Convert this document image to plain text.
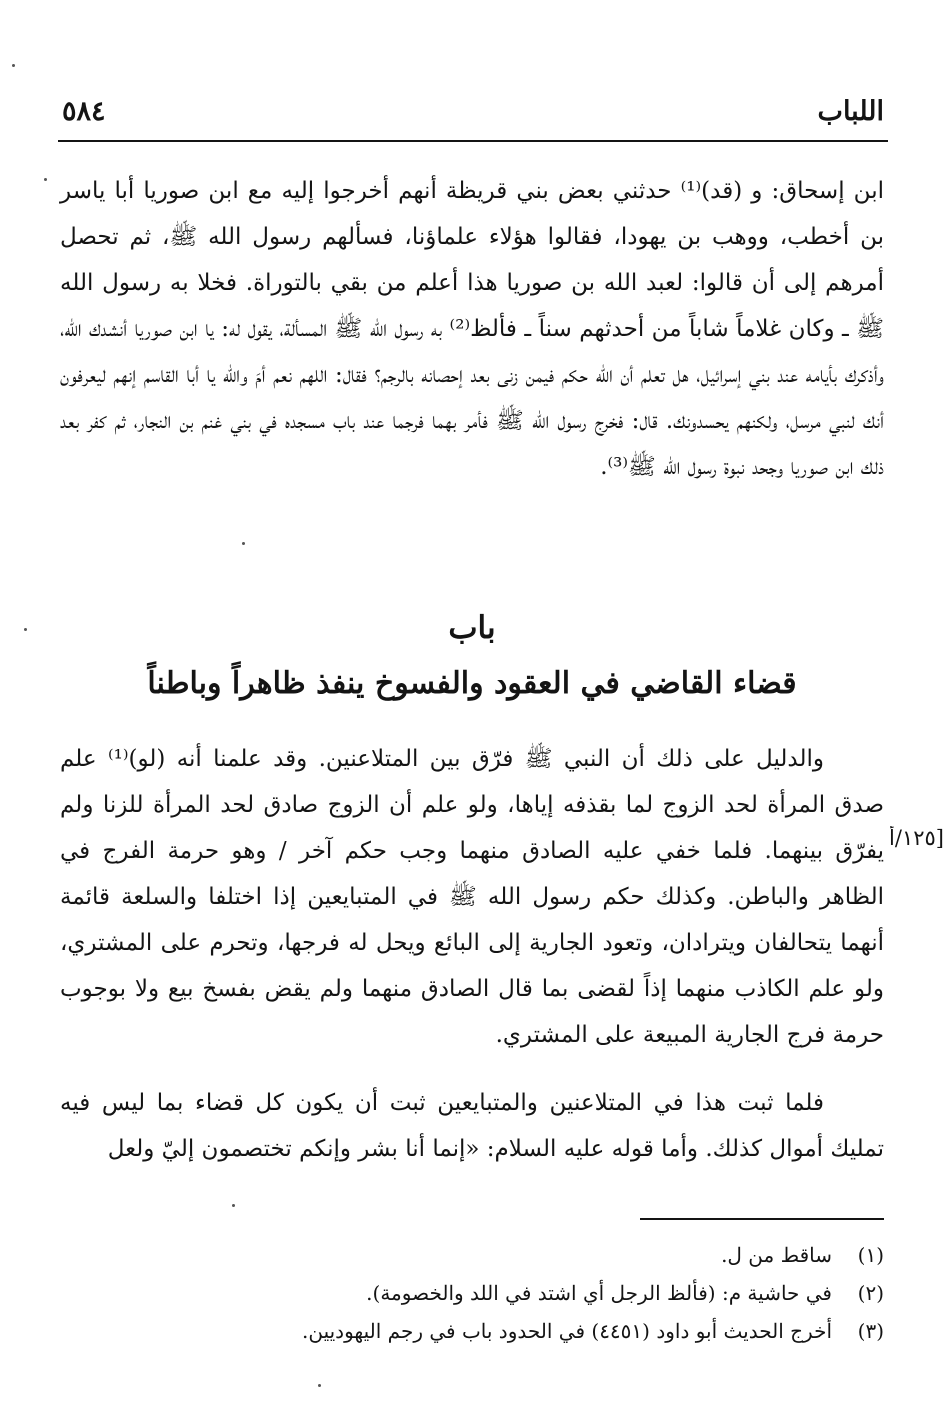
اللباب
٥٨٤

ابن إسحاق: و (قد)⁽¹⁾ حدثني بعض بني قريظة أنهم أخرجوا إليه مع ابن صوريا أبا ياسر بن أخطب، ووهب بن يهودا، فقالوا هؤلاء علماؤنا، فسألهم رسول الله ﷺ، ثم تحصل أمرهم إلى أن قالوا: لعبد الله بن صوريا هذا أعلم من بقي بالتوراة. فخلا به رسول الله ﷺ ـ وكان غلاماً شاباً من أحدثهم سناً ـ فألظ⁽²⁾ به رسول الله ﷺ المسألة، يقول له: يا ابن صوريا أنشدك الله، وأذكرك بأيامه عند بني إسرائيل، هل تعلم أن الله حكم فيمن زنى بعد إحصانه بالرجم؟ فقال: اللهم نعم أمَ والله يا أبا القاسم إنهم ليعرفون أنك لنبي مرسل، ولكنهم يحسدونك. قال: فخرج رسول الله ﷺ فأمر بهما فرجما عند باب مسجده في بني غنم بن النجار، ثم كفر بعد ذلك ابن صوريا وجحد نبوة رسول الله ﷺ⁽³⁾.

باب
قضاء القاضي في العقود والفسوخ ينفذ ظاهراً وباطناً

والدليل على ذلك أن النبي ﷺ فرّق بين المتلاعنين. وقد علمنا أنه (لو)⁽¹⁾ علم صدق المرأة لحد الزوج لما بقذفه إياها، ولو علم أن الزوج صادق لحد المرأة للزنا ولم يفرّق بينهما. فلما خفي عليه الصادق منهما وجب حكم آخر / وهو حرمة الفرج في الظاهر والباطن. وكذلك حكم رسول الله ﷺ في المتبايعين إذا اختلفا والسلعة قائمة أنهما يتحالفان ويترادان، وتعود الجارية إلى البائع ويحل له فرجها، وتحرم على المشتري، ولو علم الكاذب منهما إذاً لقضى بما قال الصادق منهما ولم يقض بفسخ بيع ولا بوجوب حرمة فرج الجارية المبيعة على المشتري.

١٢٥/أ]

فلما ثبت هذا في المتلاعنين والمتبايعين ثبت أن يكون كل قضاء بما ليس فيه تمليك أموال كذلك. وأما قوله عليه السلام: «إنما أنا بشر وإنكم تختصمون إليّ ولعل

(١)
ساقط من ل.
(٢)
في حاشية م: (فألظ الرجل أي اشتد في اللد والخصومة).
(٣)
أخرج الحديث أبو داود (٤٤٥١) في الحدود باب في رجم اليهوديين.
